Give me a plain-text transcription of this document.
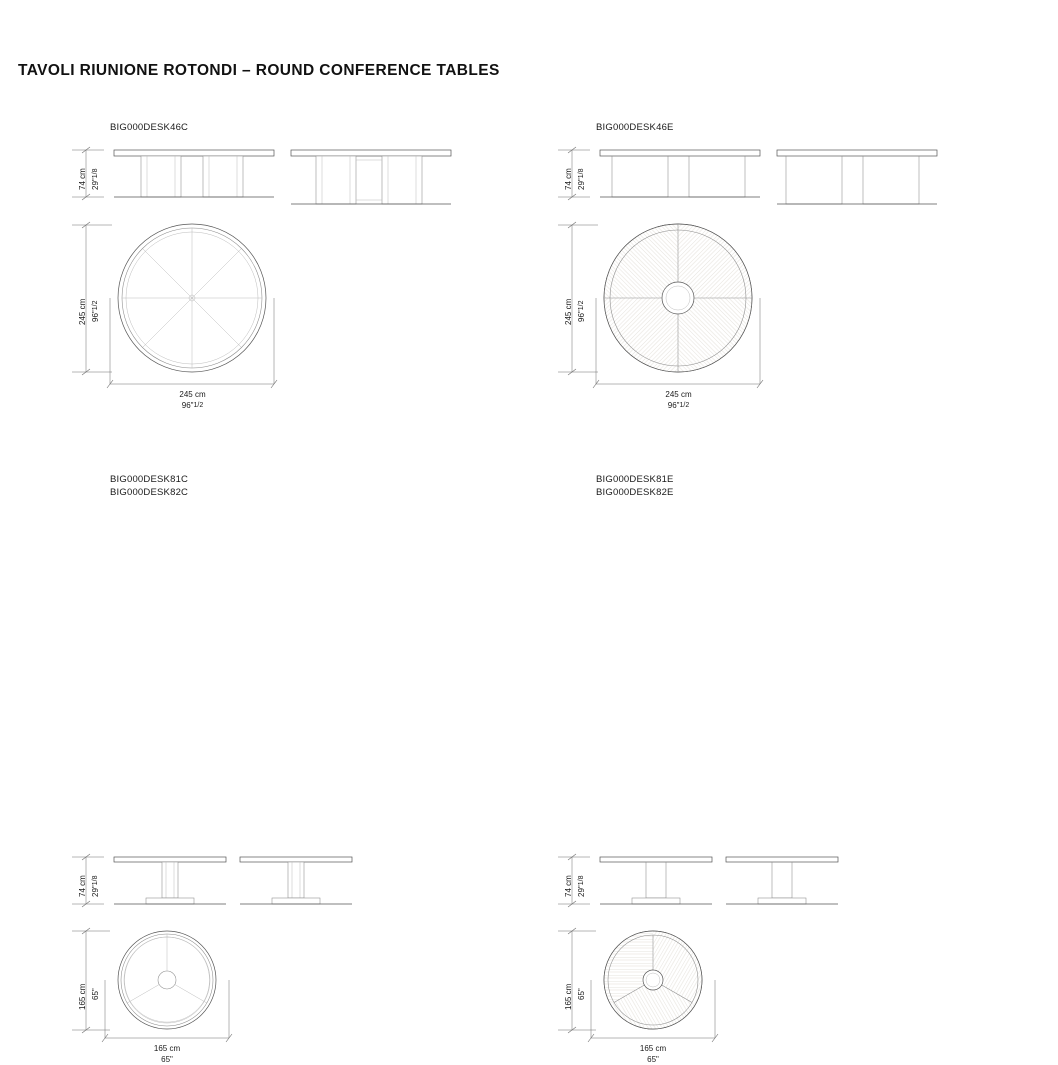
TAVOLI RIUNIONE ROTONDI – ROUND CONFERENCE TABLES
BIG000DESK46C
74 cm 29"1/8
245 cm 96"1/2
245 cm
96"1/2
BIG000DESK46E
74 cm 29"1/8
245 cm 96"1/2
245 cm
96"1/2
BIG000DESK81C
BIG000DESK82C
74 cm 29"1/8
165 cm 65"
165 cm
65"
BIG000DESK81E
BIG000DESK82E
74 cm 29"1/8
165 cm 65"
165 cm
65"
